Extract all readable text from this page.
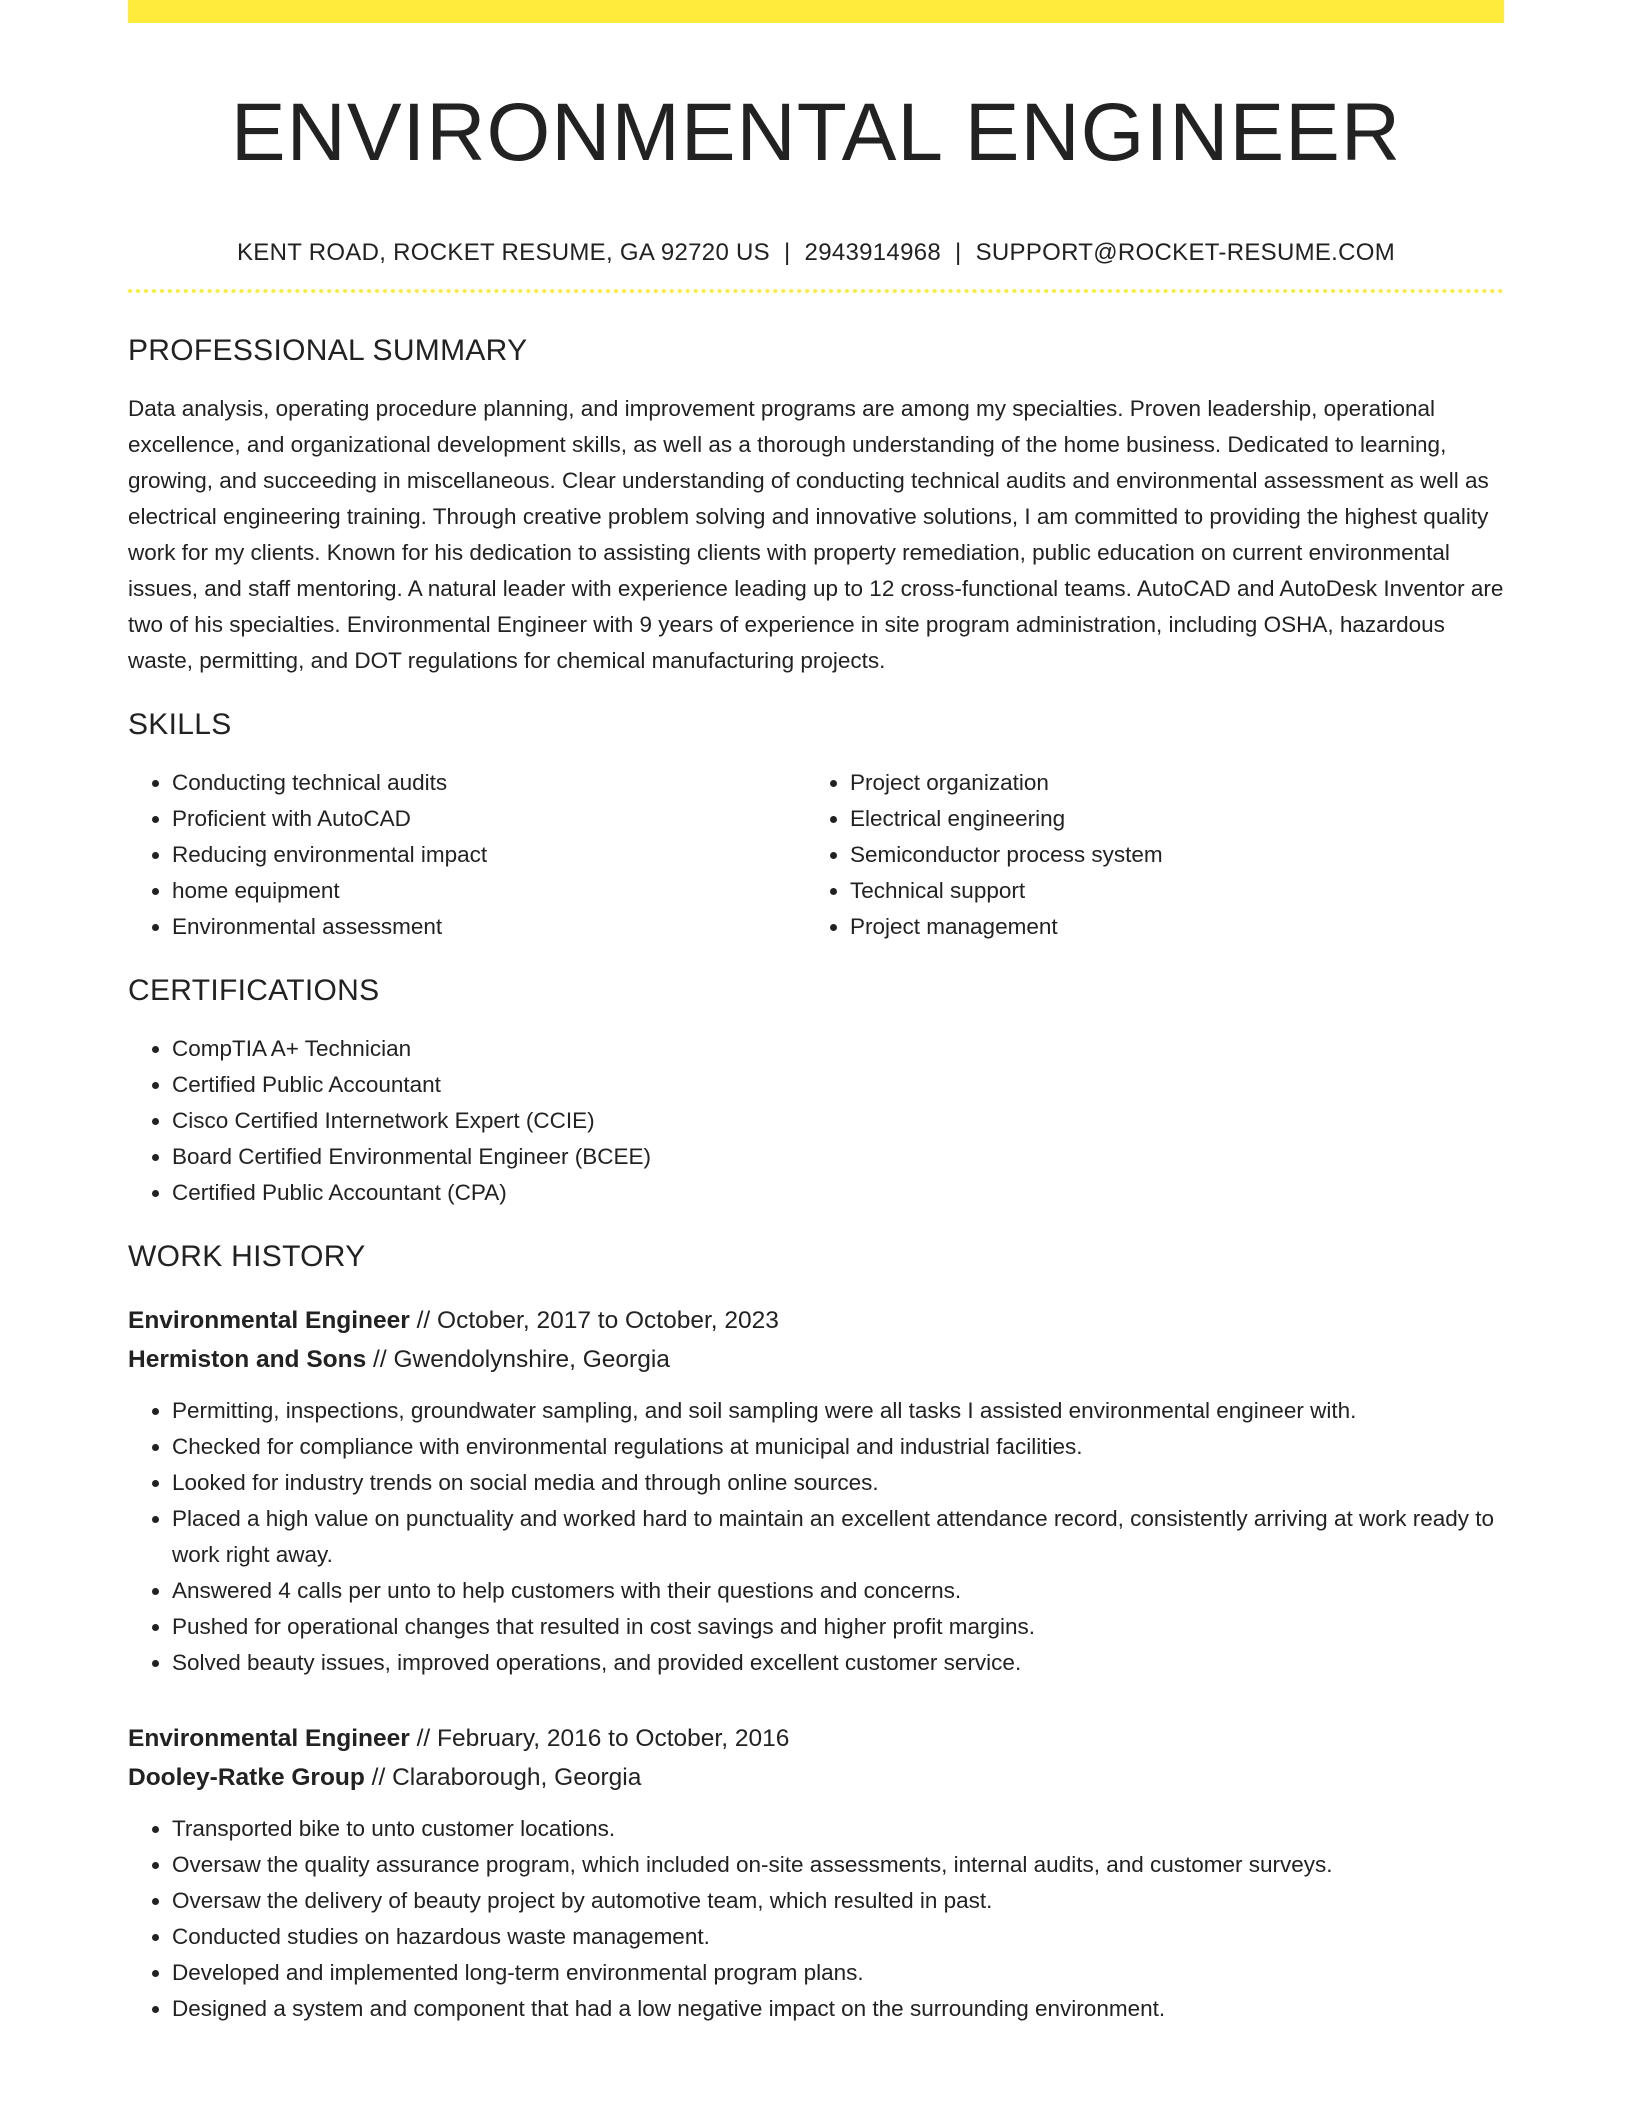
ENVIRONMENTAL ENGINEER
KENT ROAD, ROCKET RESUME, GA 92720 US | 2943914968 | SUPPORT@ROCKET-RESUME.COM
PROFESSIONAL SUMMARY

Data analysis, operating procedure planning, and improvement programs are among my specialties. Proven leadership, operational excellence, and organizational development skills, as well as a thorough understanding of the home business. Dedicated to learning, growing, and succeeding in miscellaneous. Clear understanding of conducting technical audits and environmental assessment as well as electrical engineering training. Through creative problem solving and innovative solutions, I am committed to providing the highest quality work for my clients. Known for his dedication to assisting clients with property remediation, public education on current environmental issues, and staff mentoring. A natural leader with experience leading up to 12 cross-functional teams. AutoCAD and AutoDesk Inventor are two of his specialties. Environmental Engineer with 9 years of experience in site program administration, including OSHA, hazardous waste, permitting, and DOT regulations for chemical manufacturing projects.

SKILLS
• Conducting technical audits
• Proficient with AutoCAD
• Reducing environmental impact
• home equipment
• Environmental assessment
• Project organization
• Electrical engineering
• Semiconductor process system
• Technical support
• Project management
CERTIFICATIONS
• CompTIA A+ Technician
• Certified Public Accountant
• Cisco Certified Internetwork Expert (CCIE)
• Board Certified Environmental Engineer (BCEE)
• Certified Public Accountant (CPA)
WORK HISTORY
Environmental Engineer // October, 2017 to October, 2023
Hermiston and Sons // Gwendolynshire, Georgia
• Permitting, inspections, groundwater sampling, and soil sampling were all tasks I assisted environmental engineer with.
• Checked for compliance with environmental regulations at municipal and industrial facilities.
• Looked for industry trends on social media and through online sources.
• Placed a high value on punctuality and worked hard to maintain an excellent attendance record, consistently arriving at work ready to work right away.
• Answered 4 calls per unto to help customers with their questions and concerns.
• Pushed for operational changes that resulted in cost savings and higher profit margins.
• Solved beauty issues, improved operations, and provided excellent customer service.
Environmental Engineer // February, 2016 to October, 2016
Dooley-Ratke Group // Claraborough, Georgia
• Transported bike to unto customer locations.
• Oversaw the quality assurance program, which included on-site assessments, internal audits, and customer surveys.
• Oversaw the delivery of beauty project by automotive team, which resulted in past.
• Conducted studies on hazardous waste management.
• Developed and implemented long-term environmental program plans.
• Designed a system and component that had a low negative impact on the surrounding environment.
